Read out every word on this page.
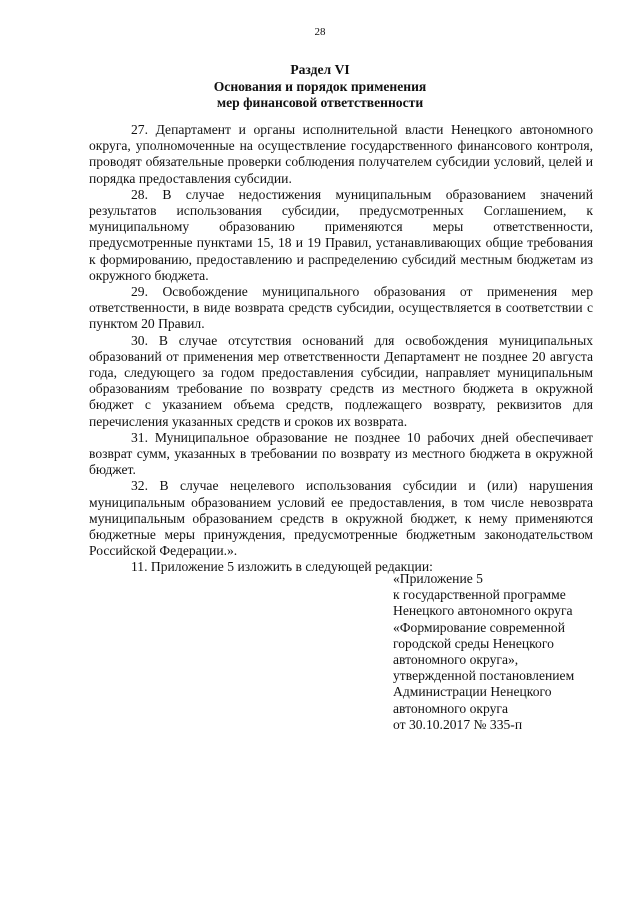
28
Раздел VI
Основания и порядок применения
мер финансовой ответственности

27. Департамент и органы исполнительной власти Ненецкого автономного округа, уполномоченные на осуществление государственного финансового контроля, проводят обязательные проверки соблюдения получателем субсидии условий, целей и порядка предоставления субсидии.

28. В случае недостижения муниципальным образованием значений результатов использования субсидии, предусмотренных Соглашением, к муниципальному образованию применяются меры ответственности, предусмотренные пунктами 15, 18 и 19 Правил, устанавливающих общие требования к формированию, предоставлению и распределению субсидий местным бюджетам из окружного бюджета.

29. Освобождение муниципального образования от применения мер ответственности, в виде возврата средств субсидии, осуществляется в соответствии с пунктом 20 Правил.

30. В случае отсутствия оснований для освобождения муниципальных образований от применения мер ответственности Департамент не позднее 20 августа года, следующего за годом предоставления субсидии, направляет муниципальным образованиям требование по возврату средств из местного бюджета в окружной бюджет с указанием объема средств, подлежащего возврату, реквизитов для перечисления указанных средств и сроков их возврата.

31. Муниципальное образование не позднее 10 рабочих дней обеспечивает возврат сумм, указанных в требовании по возврату из местного бюджета в окружной бюджет.

32. В случае нецелевого использования субсидии и (или) нарушения муниципальным образованием условий ее предоставления, в том числе невозврата муниципальным образованием средств в окружной бюджет, к нему применяются бюджетные меры принуждения, предусмотренные бюджетным законодательством Российской Федерации.».

11. Приложение 5 изложить в следующей редакции:

«Приложение 5
к государственной программе
Ненецкого автономного округа
«Формирование современной
городской среды Ненецкого
автономного округа»,
утвержденной постановлением
Администрации Ненецкого
автономного округа
от 30.10.2017 № 335-п
